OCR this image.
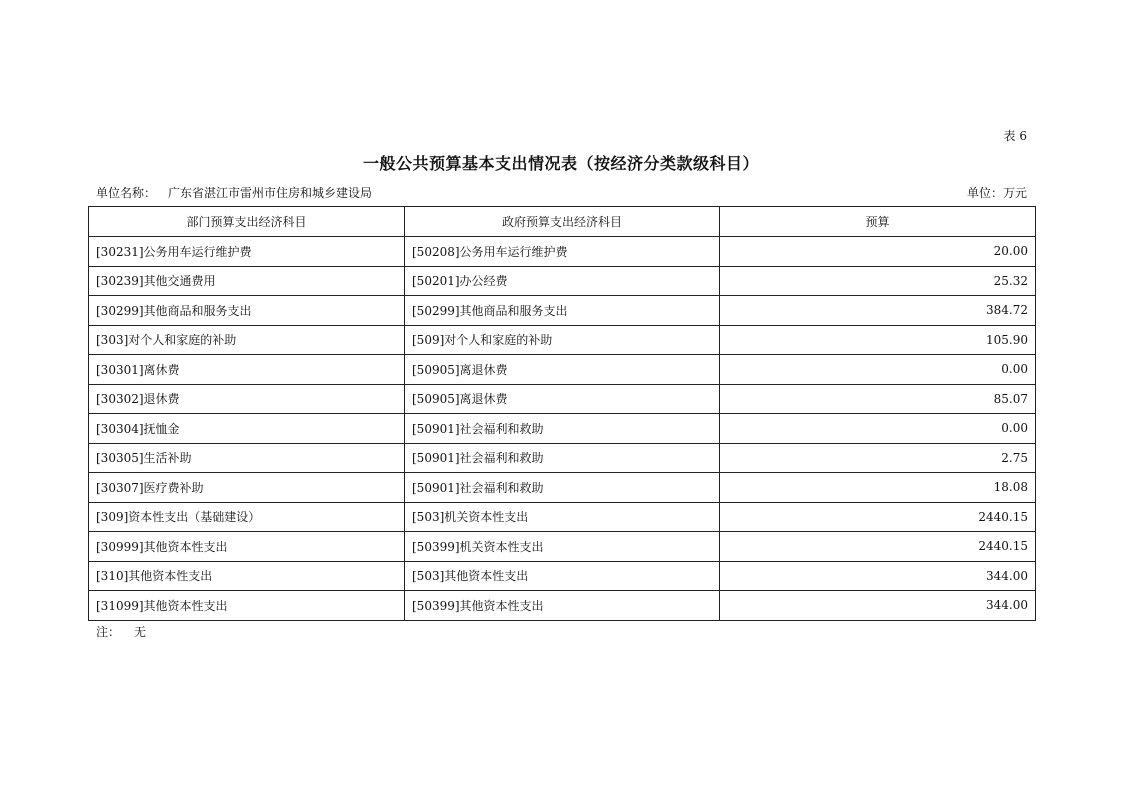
表 6
一般公共预算基本支出情况表（按经济分类款级科目）
单位名称： 广东省湛江市雷州市住房和城乡建设局	单位：万元
部门预算支出经济科目	政府预算支出经济科目	预算
[30231]公务用车运行维护费	[50208]公务用车运行维护费	20.00
[30239]其他交通费用	[50201]办公经费	25.32
[30299]其他商品和服务支出	[50299]其他商品和服务支出	384.72
[303]对个人和家庭的补助	[509]对个人和家庭的补助	105.90
[30301]离休费	[50905]离退休费	0.00
[30302]退休费	[50905]离退休费	85.07
[30304]抚恤金	[50901]社会福利和救助	0.00
[30305]生活补助	[50901]社会福利和救助	2.75
[30307]医疗费补助	[50901]社会福利和救助	18.08
[309]资本性支出（基础建设）	[503]机关资本性支出	2440.15
[30999]其他资本性支出	[50399]机关资本性支出	2440.15
[310]其他资本性支出	[503]其他资本性支出	344.00
[31099]其他资本性支出	[50399]其他资本性支出	344.00
注： 无
